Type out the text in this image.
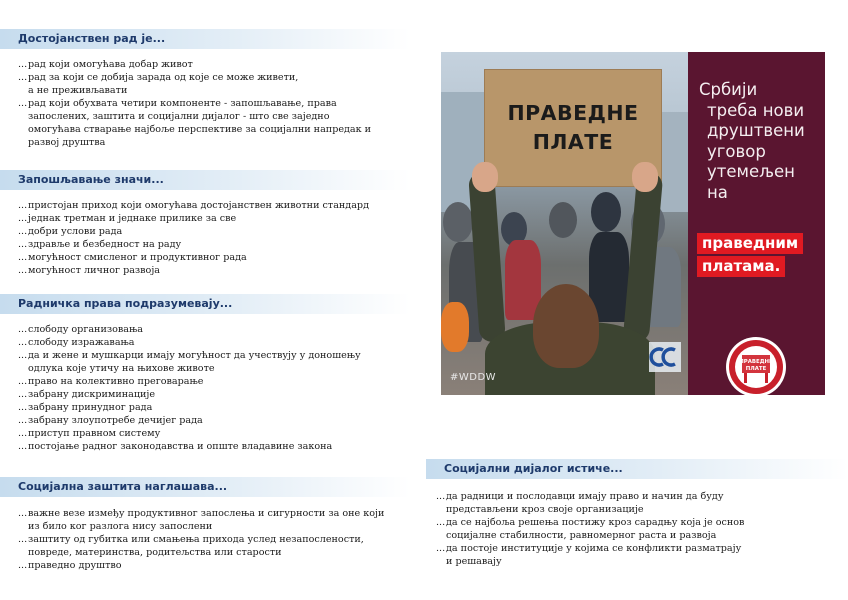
Достојанствен рад је...
...рад који омогућава добар живот
...рад за који се добија зарада од које се може живети,
а не преживљавати
...рад који обухвата четири компоненте - запошљавање, права
запослених, заштита и социјални дијалог - што све заједно
омогућава стварање најбоље перспективе за социјални напредак и
развој друштва
Запошљавање значи...
...пристојан приход који омогућава достојанствен животни стандард
...једнак третман и једнаке прилике за све
...добри услови рада
...здравље и безбедност на раду
...могућност смисленог и продуктивног рада
...могућност личног развоја
Радничка права подразумевају...
...слободу организовања
...слободу изражавања
...да и жене и мушкарци имају могућност да учествују у доношењу
одлука које утичу на њихове животе
...право на колективно преговарање
...забрану дискриминације
...забрану принудног рада
...забрану злоупотребе дечијег рада
...приступ правном систему
...постојање радног законодавства и опште владавине закона
Социјална заштита наглашава...
...важне везе између продуктивног запослења и сигурности за оне који
из било ког разлога нису запослени
...заштиту од губитка или смањења прихода услед незапослености,
повреде, материнства, родитељства или старости
...праведно друштво
ПРАВЕДНЕ
ПЛАТЕ
#WDDW
Србији
треба нови
друштвени
уговор
утемељен
на
праведним
платама.
ПРАВЕДНЕ
ПЛАТЕ
Социјални дијалог истиче...
...да радници и послодавци имају право и начин да буду
представљени кроз своје организације
...да се најбоља решења постижу кроз сарадњу која је основ
социјалне стабилности, равномерног раста и развоја
...да постоје институције у којима се конфликти разматрају
и решавају
